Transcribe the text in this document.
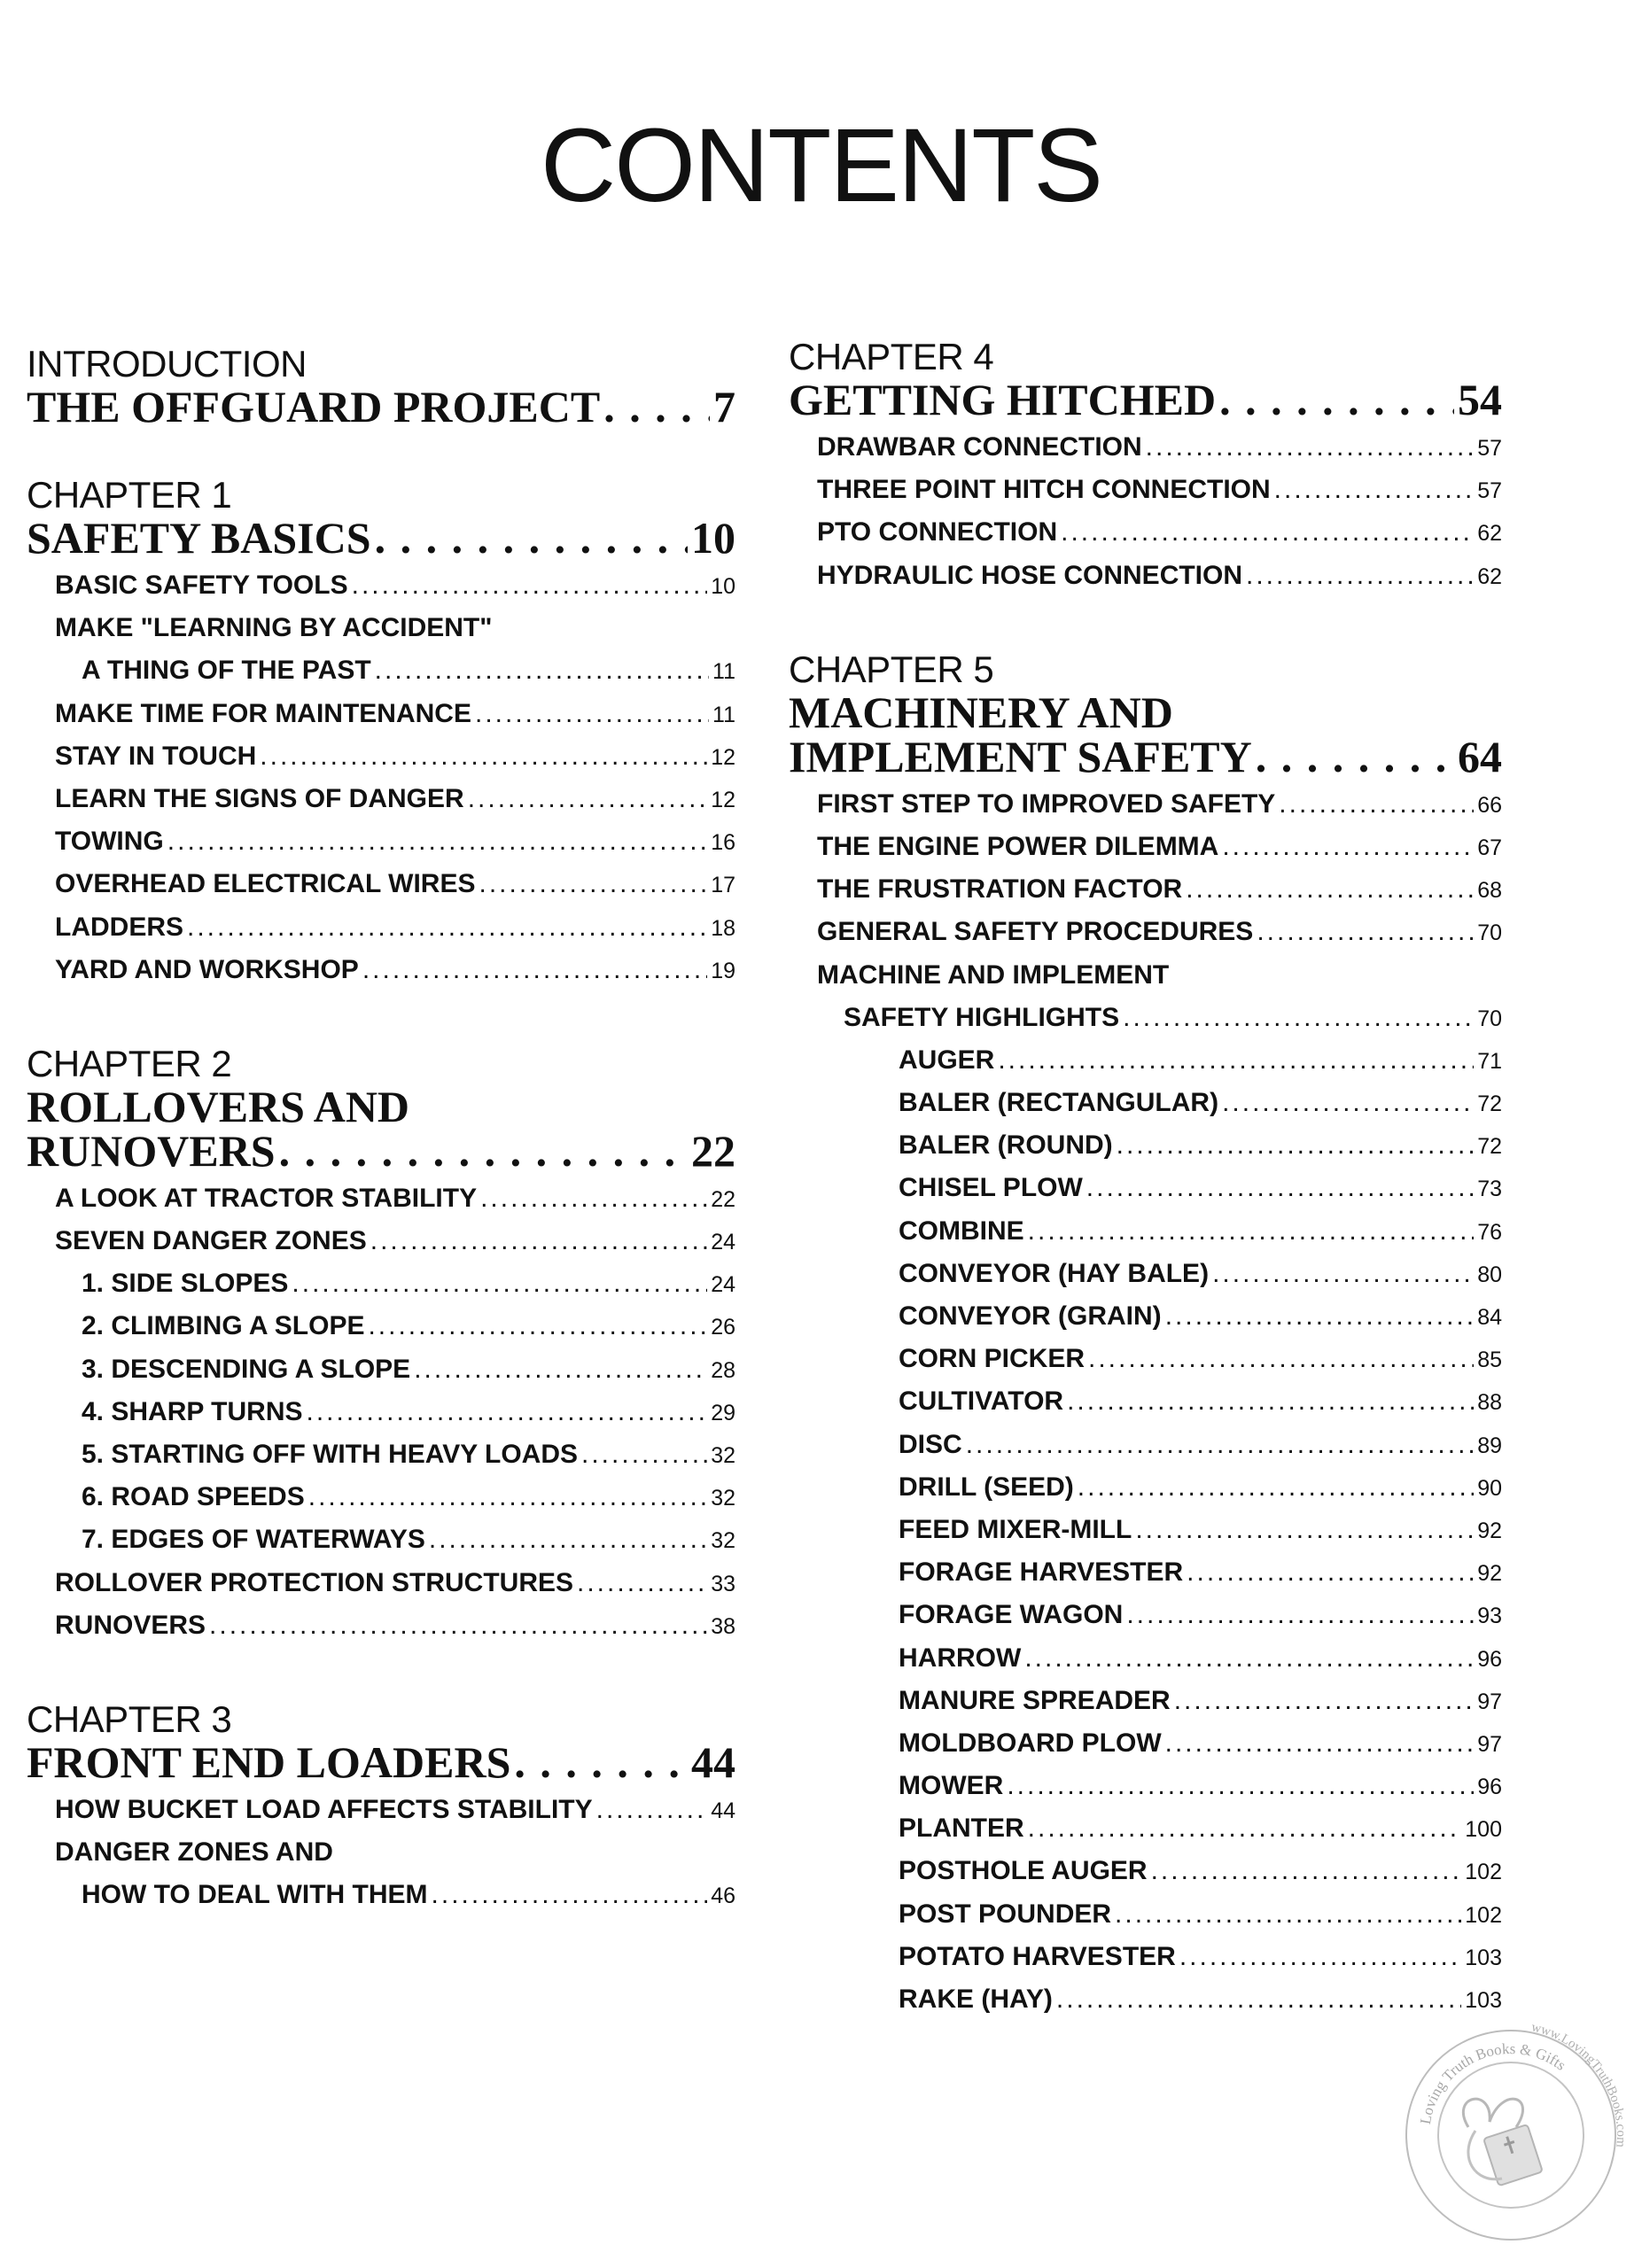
CONTENTS
INTRODUCTION
THE OFFGUARD PROJECT . . .	7
CHAPTER 1
SAFETY BASICS . . .	10
BASIC SAFETY TOOLS .....	10
MAKE "LEARNING BY ACCIDENT"
A THING OF THE PAST .....	11
MAKE TIME FOR MAINTENANCE .....	11
STAY IN TOUCH .....	12
LEARN THE SIGNS OF DANGER .....	12
TOWING .....	16
OVERHEAD ELECTRICAL WIRES .....	17
LADDERS .....	18
YARD AND WORKSHOP .....	19
CHAPTER 2
ROLLOVERS AND
RUNOVERS . . .	22
A LOOK AT TRACTOR STABILITY .....	22
SEVEN DANGER ZONES .....	24
1. SIDE SLOPES .....	24
2. CLIMBING A SLOPE .....	26
3. DESCENDING A SLOPE .....	28
4. SHARP TURNS .....	29
5. STARTING OFF WITH HEAVY LOADS .....	32
6. ROAD SPEEDS .....	32
7. EDGES OF WATERWAYS .....	32
ROLLOVER PROTECTION STRUCTURES .....	33
RUNOVERS .....	38
CHAPTER 3
FRONT END LOADERS . . .	44
HOW BUCKET LOAD AFFECTS STABILITY .....	44
DANGER ZONES AND
HOW TO DEAL WITH THEM .....	46
CHAPTER 4
GETTING HITCHED . . .	54
DRAWBAR CONNECTION .....	57
THREE POINT HITCH CONNECTION .....	57
PTO CONNECTION .....	62
HYDRAULIC HOSE CONNECTION .....	62
CHAPTER 5
MACHINERY AND
IMPLEMENT SAFETY . . .	64
FIRST STEP TO IMPROVED SAFETY .....	66
THE ENGINE POWER DILEMMA .....	67
THE FRUSTRATION FACTOR .....	68
GENERAL SAFETY PROCEDURES .....	70
MACHINE AND IMPLEMENT
SAFETY HIGHLIGHTS .....	70
AUGER .....	71
BALER (RECTANGULAR) .....	72
BALER (ROUND) .....	72
CHISEL PLOW .....	73
COMBINE .....	76
CONVEYOR (HAY BALE) .....	80
CONVEYOR (GRAIN) .....	84
CORN PICKER .....	85
CULTIVATOR .....	88
DISC .....	89
DRILL (SEED) .....	90
FEED MIXER-MILL .....	92
FORAGE HARVESTER .....	92
FORAGE WAGON .....	93
HARROW .....	96
MANURE SPREADER .....	97
MOLDBOARD PLOW .....	97
MOWER .....	96
PLANTER .....	100
POSTHOLE AUGER .....	102
POST POUNDER .....	102
POTATO HARVESTER .....	103
RAKE (HAY) .....	103
Loving Truth Books & Gifts
www.LovingTruthBooks.com
